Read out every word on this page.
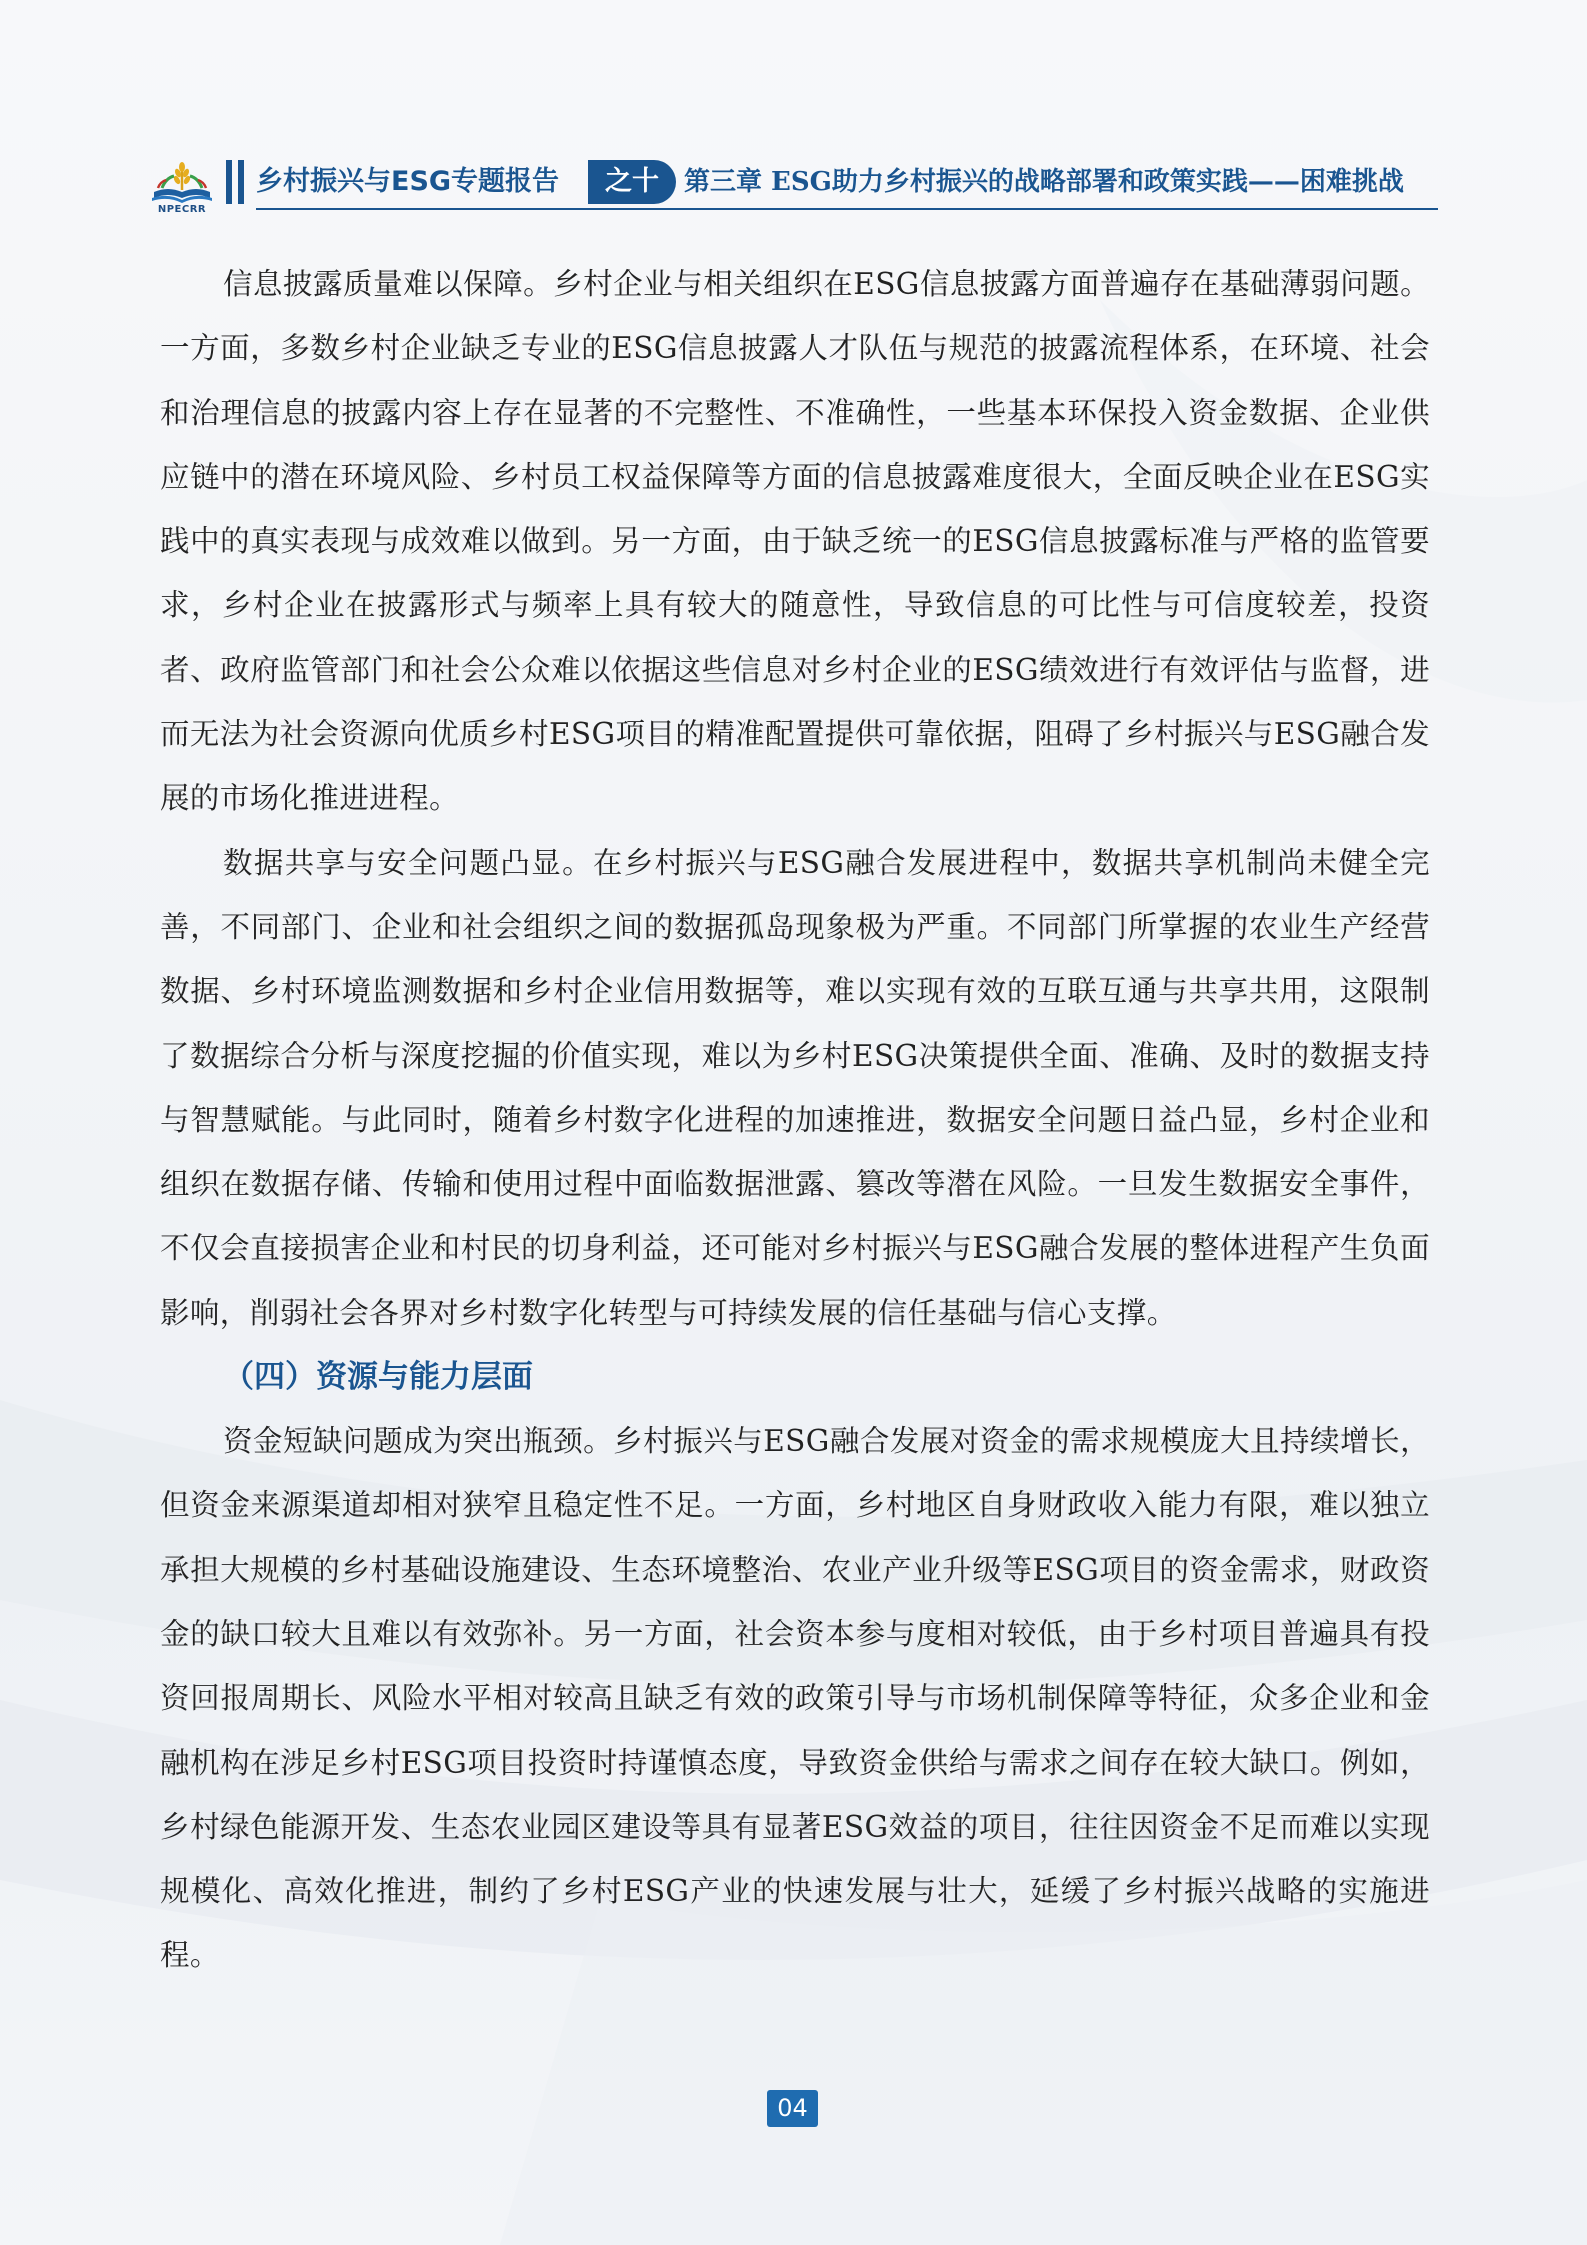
NPECRR
乡村振兴与ESG专题报告	之十 第三章 ESG助力乡村振兴的战略部署和政策实践——困难挑战

信息披露质量难以保障。乡村企业与相关组织在ESG信息披露方面普遍存在基础薄弱问题。一方面，多数乡村企业缺乏专业的ESG信息披露人才队伍与规范的披露流程体系，在环境、社会和治理信息的披露内容上存在显著的不完整性、不准确性，一些基本环保投入资金数据、企业供应链中的潜在环境风险、乡村员工权益保障等方面的信息披露难度很大，全面反映企业在ESG实践中的真实表现与成效难以做到。另一方面，由于缺乏统一的ESG信息披露标准与严格的监管要求，乡村企业在披露形式与频率上具有较大的随意性，导致信息的可比性与可信度较差，投资者、政府监管部门和社会公众难以依据这些信息对乡村企业的ESG绩效进行有效评估与监督，进而无法为社会资源向优质乡村ESG项目的精准配置提供可靠依据，阻碍了乡村振兴与ESG融合发展的市场化推进进程。

数据共享与安全问题凸显。在乡村振兴与ESG融合发展进程中，数据共享机制尚未健全完善，不同部门、企业和社会组织之间的数据孤岛现象极为严重。不同部门所掌握的农业生产经营数据、乡村环境监测数据和乡村企业信用数据等，难以实现有效的互联互通与共享共用，这限制了数据综合分析与深度挖掘的价值实现，难以为乡村ESG决策提供全面、准确、及时的数据支持与智慧赋能。与此同时，随着乡村数字化进程的加速推进，数据安全问题日益凸显，乡村企业和组织在数据存储、传输和使用过程中面临数据泄露、篡改等潜在风险。一旦发生数据安全事件，不仅会直接损害企业和村民的切身利益，还可能对乡村振兴与ESG融合发展的整体进程产生负面影响，削弱社会各界对乡村数字化转型与可持续发展的信任基础与信心支撑。

（四）资源与能力层面

资金短缺问题成为突出瓶颈。乡村振兴与ESG融合发展对资金的需求规模庞大且持续增长，但资金来源渠道却相对狭窄且稳定性不足。一方面，乡村地区自身财政收入能力有限，难以独立承担大规模的乡村基础设施建设、生态环境整治、农业产业升级等ESG项目的资金需求，财政资金的缺口较大且难以有效弥补。另一方面，社会资本参与度相对较低，由于乡村项目普遍具有投资回报周期长、风险水平相对较高且缺乏有效的政策引导与市场机制保障等特征，众多企业和金融机构在涉足乡村ESG项目投资时持谨慎态度，导致资金供给与需求之间存在较大缺口。例如，乡村绿色能源开发、生态农业园区建设等具有显著ESG效益的项目，往往因资金不足而难以实现规模化、高效化推进，制约了乡村ESG产业的快速发展与壮大，延缓了乡村振兴战略的实施进程。

04
